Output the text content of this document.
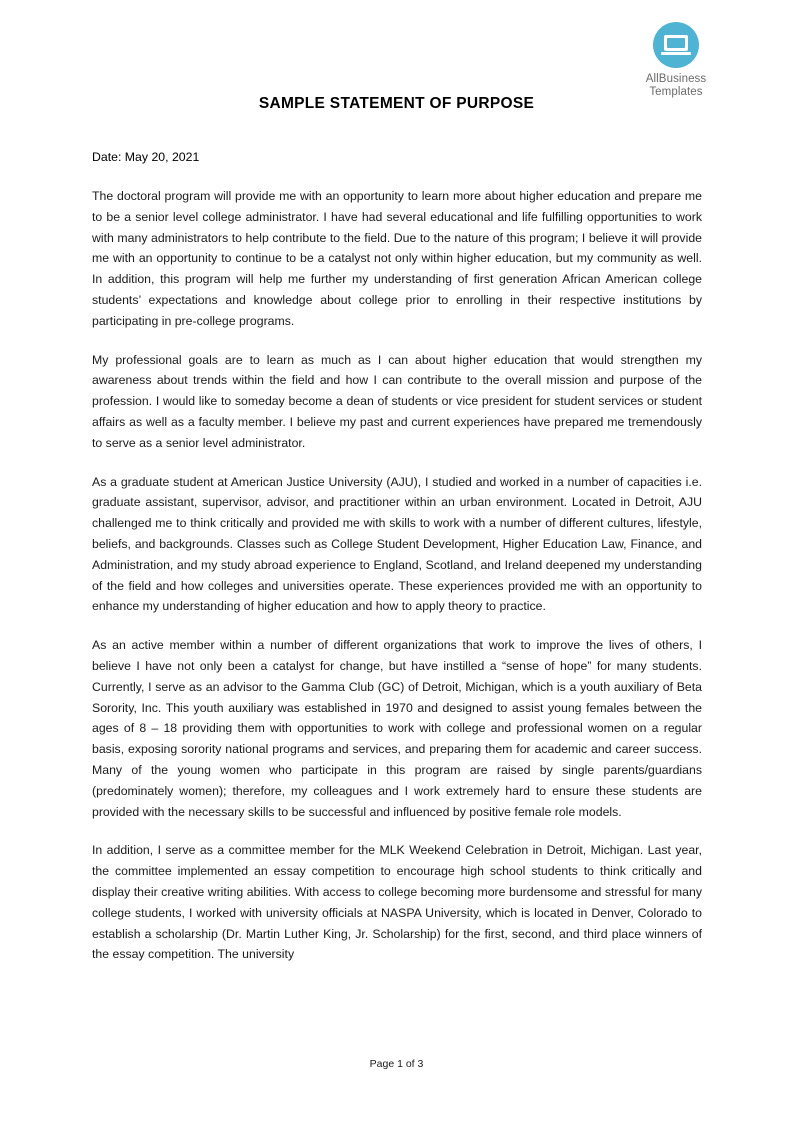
AllBusiness
Templates
SAMPLE STATEMENT OF PURPOSE
Date: May 20, 2021

The doctoral program will provide me with an opportunity to learn more about higher education and prepare me to be a senior level college administrator. I have had several educational and life fulfilling opportunities to work with many administrators to help contribute to the field. Due to the nature of this program; I believe it will provide me with an opportunity to continue to be a catalyst not only within higher education, but my community as well. In addition, this program will help me further my understanding of first generation African American college students’ expectations and knowledge about college prior to enrolling in their respective institutions by participating in pre-college programs.

My professional goals are to learn as much as I can about higher education that would strengthen my awareness about trends within the field and how I can contribute to the overall mission and purpose of the profession. I would like to someday become a dean of students or vice president for student services or student affairs as well as a faculty member. I believe my past and current experiences have prepared me tremendously to serve as a senior level administrator.

As a graduate student at American Justice University (AJU), I studied and worked in a number of capacities i.e. graduate assistant, supervisor, advisor, and practitioner within an urban environment. Located in Detroit, AJU challenged me to think critically and provided me with skills to work with a number of different cultures, lifestyle, beliefs, and backgrounds. Classes such as College Student Development, Higher Education Law, Finance, and Administration, and my study abroad experience to England, Scotland, and Ireland deepened my understanding of the field and how colleges and universities operate. These experiences provided me with an opportunity to enhance my understanding of higher education and how to apply theory to practice.

As an active member within a number of different organizations that work to improve the lives of others, I believe I have not only been a catalyst for change, but have instilled a “sense of hope” for many students. Currently, I serve as an advisor to the Gamma Club (GC) of Detroit, Michigan, which is a youth auxiliary of Beta Sorority, Inc. This youth auxiliary was established in 1970 and designed to assist young females between the ages of 8 – 18 providing them with opportunities to work with college and professional women on a regular basis, exposing sorority national programs and services, and preparing them for academic and career success. Many of the young women who participate in this program are raised by single parents/guardians (predominately women); therefore, my colleagues and I work extremely hard to ensure these students are provided with the necessary skills to be successful and influenced by positive female role models.

In addition, I serve as a committee member for the MLK Weekend Celebration in Detroit, Michigan. Last year, the committee implemented an essay competition to encourage high school students to think critically and display their creative writing abilities. With access to college becoming more burdensome and stressful for many college students, I worked with university officials at NASPA University, which is located in Denver, Colorado to establish a scholarship (Dr. Martin Luther King, Jr. Scholarship) for the first, second, and third place winners of the essay competition. The university

Page 1 of 3
